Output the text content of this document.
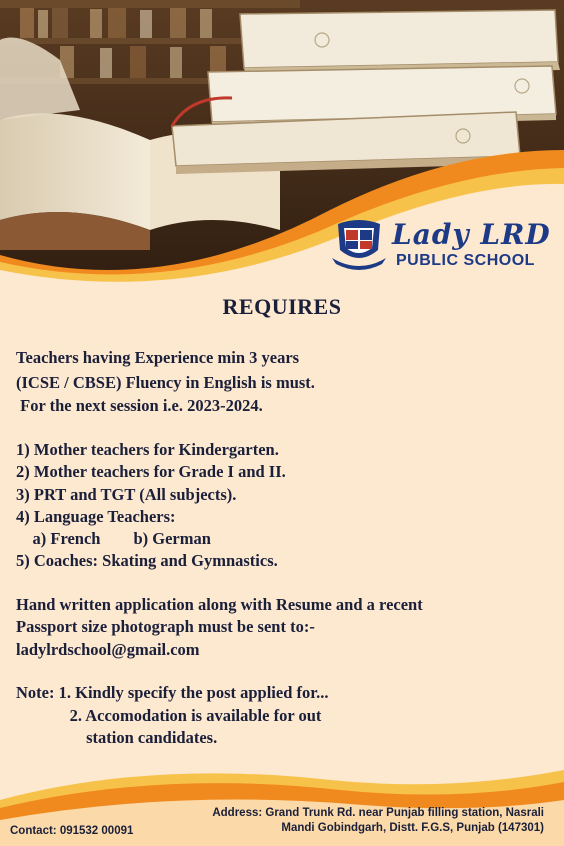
Lady LRD
PUBLIC SCHOOL
REQUIRES
Teachers having Experience min 3 years
(ICSE / CBSE) Fluency in English is must.
For the next session i.e. 2023-2024.
1) Mother teachers for Kindergarten.
2) Mother teachers for Grade I and II.
3) PRT and TGT (All subjects).
4) Language Teachers:
a) French        b) German
5) Coaches: Skating and Gymnastics.
Hand written application along with Resume and a recent
Passport size photograph must be sent to:-
ladylrdschool@gmail.com
Note: 1. Kindly specify the post applied for...
2. Accomodation is available for out
station candidates.
Address: Grand Trunk Rd. near Punjab filling station, Nasrali
Mandi Gobindgarh, Distt. F.G.S, Punjab (147301)
Contact: 091532 00091
